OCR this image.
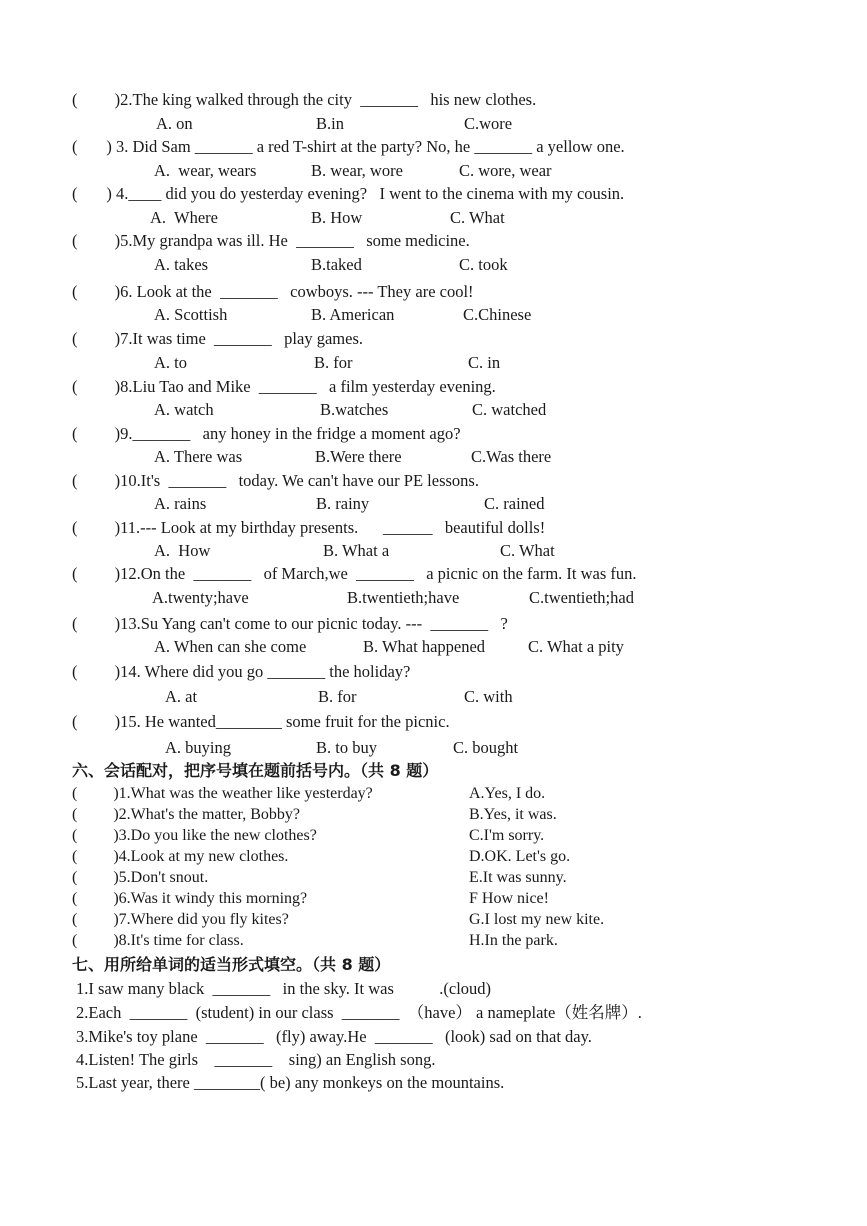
(         )2.The king walked through the city  _______   his new clothes.
A. on	B.in	C.wore
(       ) 3. Did Sam _______ a red T-shirt at the party? No, he _______ a yellow one.
A.  wear, wears	B. wear, wore	C. wore, wear
(       ) 4.____ did you do yesterday evening?   I went to the cinema with my cousin.
A.  Where	B. How	C. What
(         )5.My grandpa was ill. He  _______   some medicine.
A. takes	B.taked	C. took
(         )6. Look at the  _______   cowboys. --- They are cool!
A. Scottish	B. American	C.Chinese
(         )7.It was time  _______   play games.
A. to	B. for	C. in
(         )8.Liu Tao and Mike  _______   a film yesterday evening.
A. watch	B.watches	C. watched
(         )9._______   any honey in the fridge a moment ago?
A. There was	B.Were there	C.Was there
(         )10.It's  _______   today. We can't have our PE lessons.
A. rains	B. rainy	C. rained
(         )11.--- Look at my birthday presents.      ______   beautiful dolls!
A.  How	B. What a	C. What
(         )12.On the  _______   of March,we  _______   a picnic on the farm. It was fun.
A.twenty;have	B.twentieth;have	C.twentieth;had
(         )13.Su Yang can't come to our picnic today. ---  _______   ?
A. When can she come	B. What happened	C. What a pity
(         )14. Where did you go _______ the holiday?
A. at	B. for	C. with
(         )15. He wanted________ some fruit for the picnic.
A. buying	B. to buy	C. bought
六、会话配对，把序号填在题前括号内。（共 8 题）
(         )1.What was the weather like yesterday?	A.Yes, I do.
(         )2.What's the matter, Bobby?	B.Yes, it was.
(         )3.Do you like the new clothes?	C.I'm sorry.
(         )4.Look at my new clothes.	D.OK. Let's go.
(         )5.Don't snout.	E.It was sunny.
(         )6.Was it windy this morning?	F How nice!
(         )7.Where did you fly kites?	G.I lost my new kite.
(         )8.It's time for class.	H.In the park.
七、用所给单词的适当形式填空。（共 8 题）
1.I saw many black  _______   in the sky. It was           .(cloud)
2.Each  _______  (student) in our class  _______  （have） a nameplate（姓名牌）.
3.Mike's toy plane  _______   (fly) away.He  _______   (look) sad on that day.
4.Listen! The girls    _______    sing) an English song.
5.Last year, there ________( be) any monkeys on the mountains.
